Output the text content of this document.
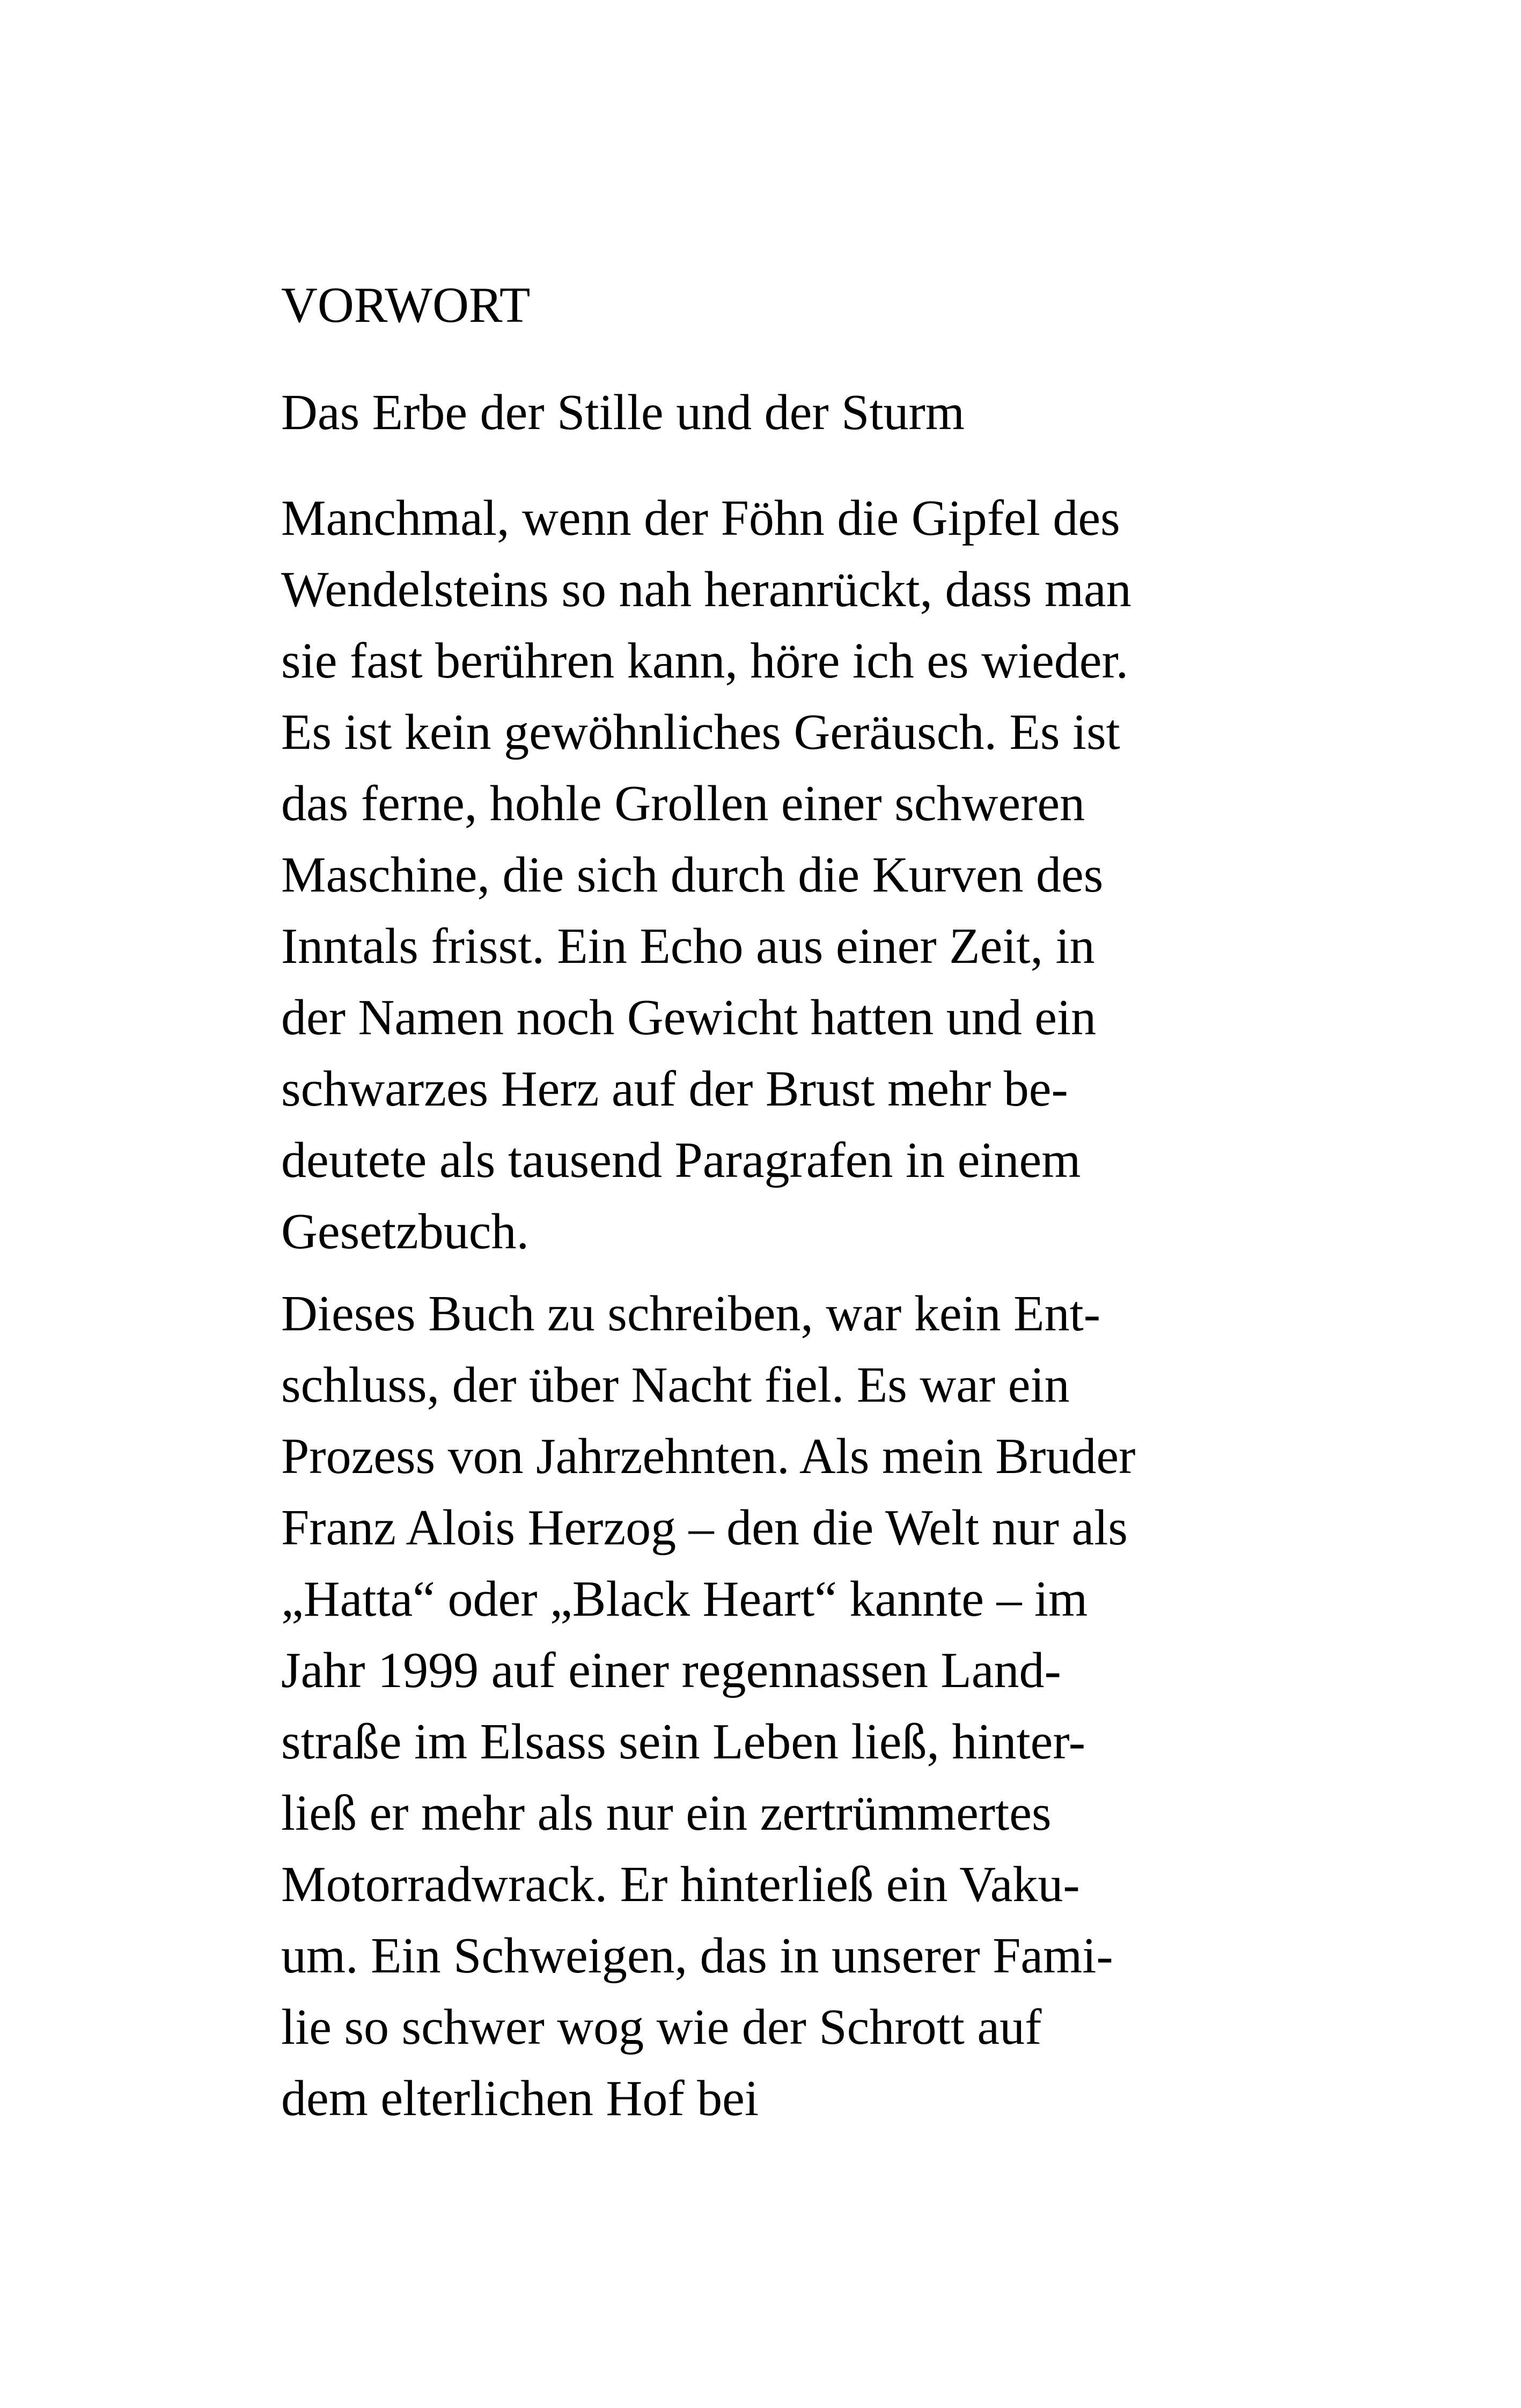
VORWORT
Das Erbe der Stille und der Sturm
Manchmal, wenn der Föhn die Gipfel des
Wendelsteins so nah heranrückt, dass man
sie fast berühren kann, höre ich es wieder.
Es ist kein gewöhnliches Geräusch. Es ist
das ferne, hohle Grollen einer schweren
Maschine, die sich durch die Kurven des
Inntals frisst. Ein Echo aus einer Zeit, in
der Namen noch Gewicht hatten und ein
schwarzes Herz auf der Brust mehr be-
deutete als tausend Paragrafen in einem
Gesetzbuch.
Dieses Buch zu schreiben, war kein Ent-
schluss, der über Nacht fiel. Es war ein
Prozess von Jahrzehnten. Als mein Bruder
Franz Alois Herzog – den die Welt nur als
„Hatta“ oder „Black Heart“ kannte – im
Jahr 1999 auf einer regennassen Land-
straße im Elsass sein Leben ließ, hinter-
ließ er mehr als nur ein zertrümmertes
Motorradwrack. Er hinterließ ein Vaku-
um. Ein Schweigen, das in unserer Fami-
lie so schwer wog wie der Schrott auf
dem elterlichen Hof bei
